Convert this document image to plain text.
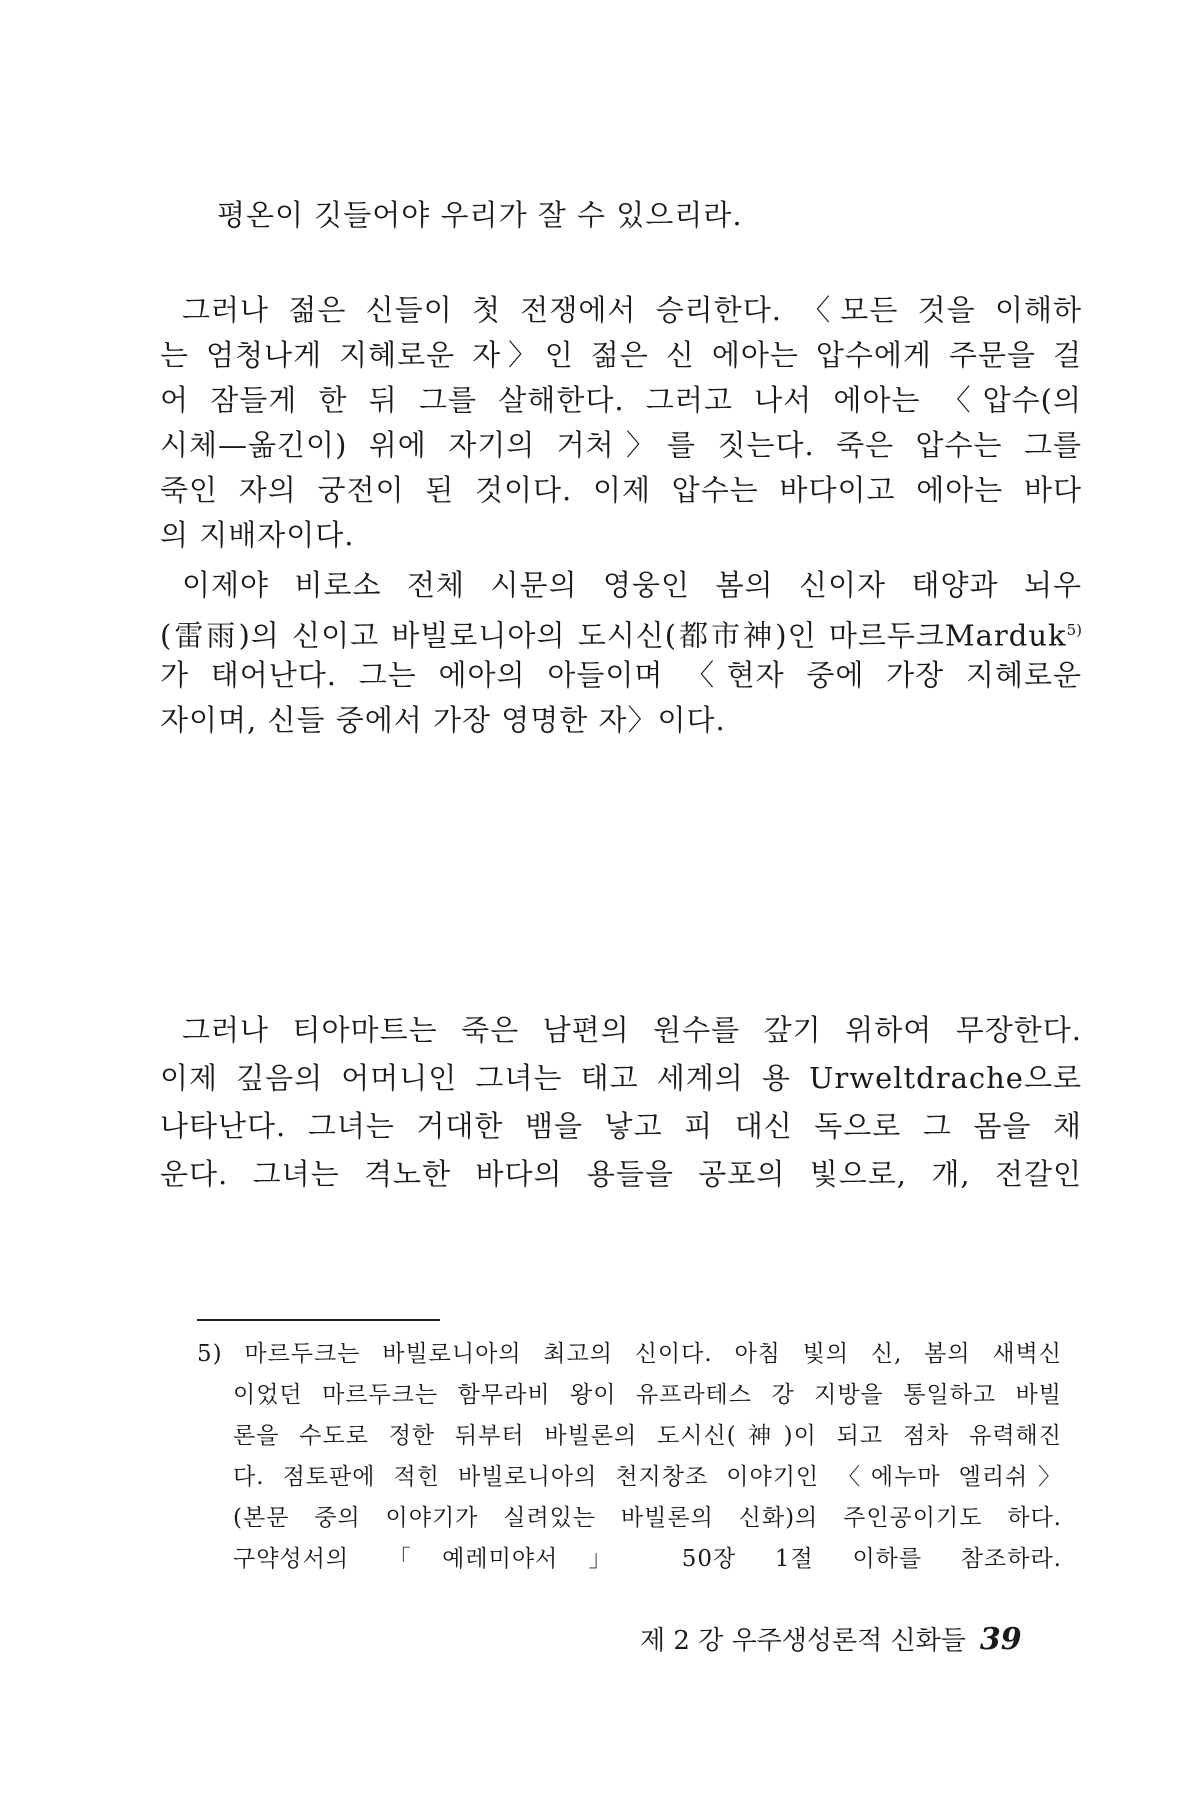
평온이 깃들어야 우리가 잘 수 있으리라.
그러나 젊은 신들이 첫 전쟁에서 승리한다. 〈모든 것을 이해하
는 엄청나게 지혜로운 자〉인 젊은 신 에아는 압수에게 주문을 걸
어 잠들게 한 뒤 그를 살해한다. 그러고 나서 에아는 〈압수(의
시체—옮긴이) 위에 자기의 거처〉를 짓는다. 죽은 압수는 그를
죽인 자의 궁전이 된 것이다. 이제 압수는 바다이고 에아는 바다
의 지배자이다.
이제야 비로소 전체 시문의 영웅인 봄의 신이자 태양과 뇌우
(雷雨)의 신이고 바빌로니아의 도시신(都市神)인 마르두크Marduk$^{5)}$
가 태어난다. 그는 에아의 아들이며 〈현자 중에 가장 지혜로운
자이며, 신들 중에서 가장 영명한 자〉이다.
그러나 티아마트는 죽은 남편의 원수를 갚기 위하여 무장한다.
이제 깊음의 어머니인 그녀는 태고 세계의 용 Urweltdrache으로
나타난다. 그녀는 거대한 뱀을 낳고 피 대신 독으로 그 몸을 채
운다. 그녀는 격노한 바다의 용들을 공포의 빛으로, 개, 전갈인
5) 마르두크는 바빌로니아의 최고의 신이다. 아침 빛의 신, 봄의 새벽신
이었던 마르두크는 함무라비 왕이 유프라테스 강 지방을 통일하고 바빌
론을 수도로 정한 뒤부터 바빌론의 도시신(神)이 되고 점차 유력해진
다. 점토판에 적힌 바빌로니아의 천지창조 이야기인 〈에누마 엘리쉬〉
(본문 중의 이야기가 실려있는 바빌론의 신화)의 주인공이기도 하다.
구약성서의 「예레미야서」 50장 1절 이하를 참조하라.
제 2 강 우주생성론적 신화들 39
